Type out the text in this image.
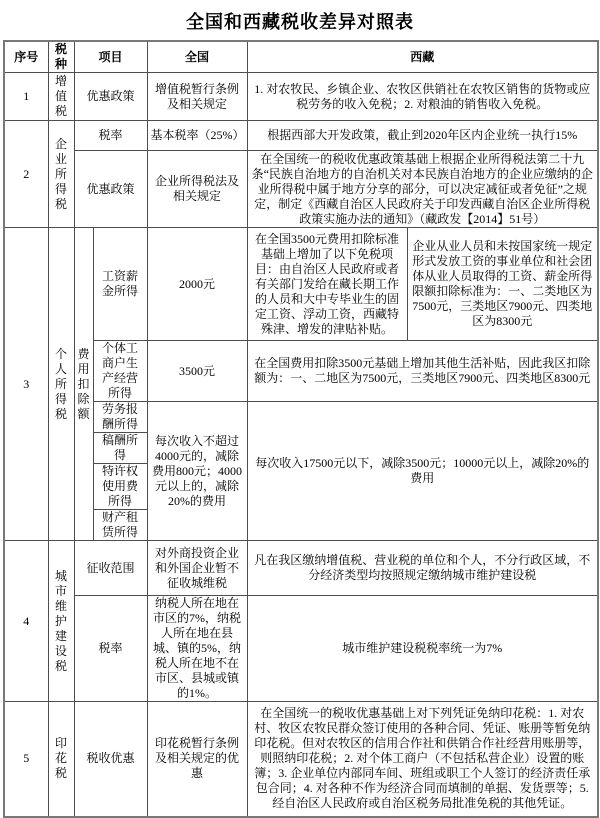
全国和西藏税收差异对照表
序号	税种	项目		全国	西藏	
1	增值税	优惠政策		增值税暂行条例及相关规定	1. 对农牧民、乡镇企业、农牧区供销社在农牧区销售的货物或应税劳务的收入免税；2. 对粮油的销售收入免税。	
2	企业所得税	税率		基本税率（25%）	根据西部大开发政策，截止到2020年区内企业统一执行15%	
		优惠政策		企业所得税法及相关规定	在全国统一的税收优惠政策基础上根据企业所得税法第二十九条“民族自治地方的自治机关对本民族自治地方的企业应缴纳的企业所得税中属于地方分享的部分，可以决定减征或者免征”之规定，制定《西藏自治区人民政府关于印发西藏自治区企业所得税政策实施办法的通知》（藏政发【2014】51号）	
3	个人所得税	费用扣除额	工资薪金所得	2000元	在全国3500元费用扣除标准基础上增加了以下免税项目：由自治区人民政府或者有关部门发给在藏长期工作的人员和大中专毕业生的固定工资、浮动工资，西藏特殊津、增发的津贴补贴。	企业从业人员和未按国家统一规定形式发放工资的事业单位和社会团体从业人员取得的工资、薪金所得限额扣除标准为：一、二类地区为7500元，三类地区7900元、四类地区为8300元
			个体工商户生产经营所得	3500元	在全国费用扣除3500元基础上增加其他生活补贴，因此我区扣除额为：一、二地区为7500元，三类地区7900元、四类地区8300元	
			劳务报酬所得	每次收入不超过4000元的，减除费用800元；4000元以上的，减除20%的费用	每次收入17500元以下，减除3500元；10000元以上，减除20%的费用	
			稿酬所得			
			特许权使用费所得			
			财产租赁所得			
4	城市维护建设税	征收范围		对外商投资企业和外国企业暂不征收城维税	凡在我区缴纳增值税、营业税的单位和个人，不分行政区域，不分经济类型均按照规定缴纳城市维护建设税	
		税率		纳税人所在地在市区的7%，纳税人所在地在县城、镇的5%，纳税人所在地不在市区、县城或镇的1%。	城市维护建设税税率统一为7%	
5	印花税	税收优惠		印花税暂行条例及相关规定的优惠	在全国统一的税收优惠基础上对下列凭证免纳印花税：1. 对农村、牧区农牧民群众签订使用的各种合同、凭证、账册等暂免纳印花税。但对农牧区的信用合作社和供销合作社经营用账册等，则照纳印花税；2. 对个体工商户（不包括私营企业）设置的账簿；3. 企业单位内部同车间、班组或职工个人签订的经济责任承包合同；4. 对各种不作为经济合同而填制的单据、发货票等；5. 经自治区人民政府或自治区税务局批准免税的其他凭证。	
